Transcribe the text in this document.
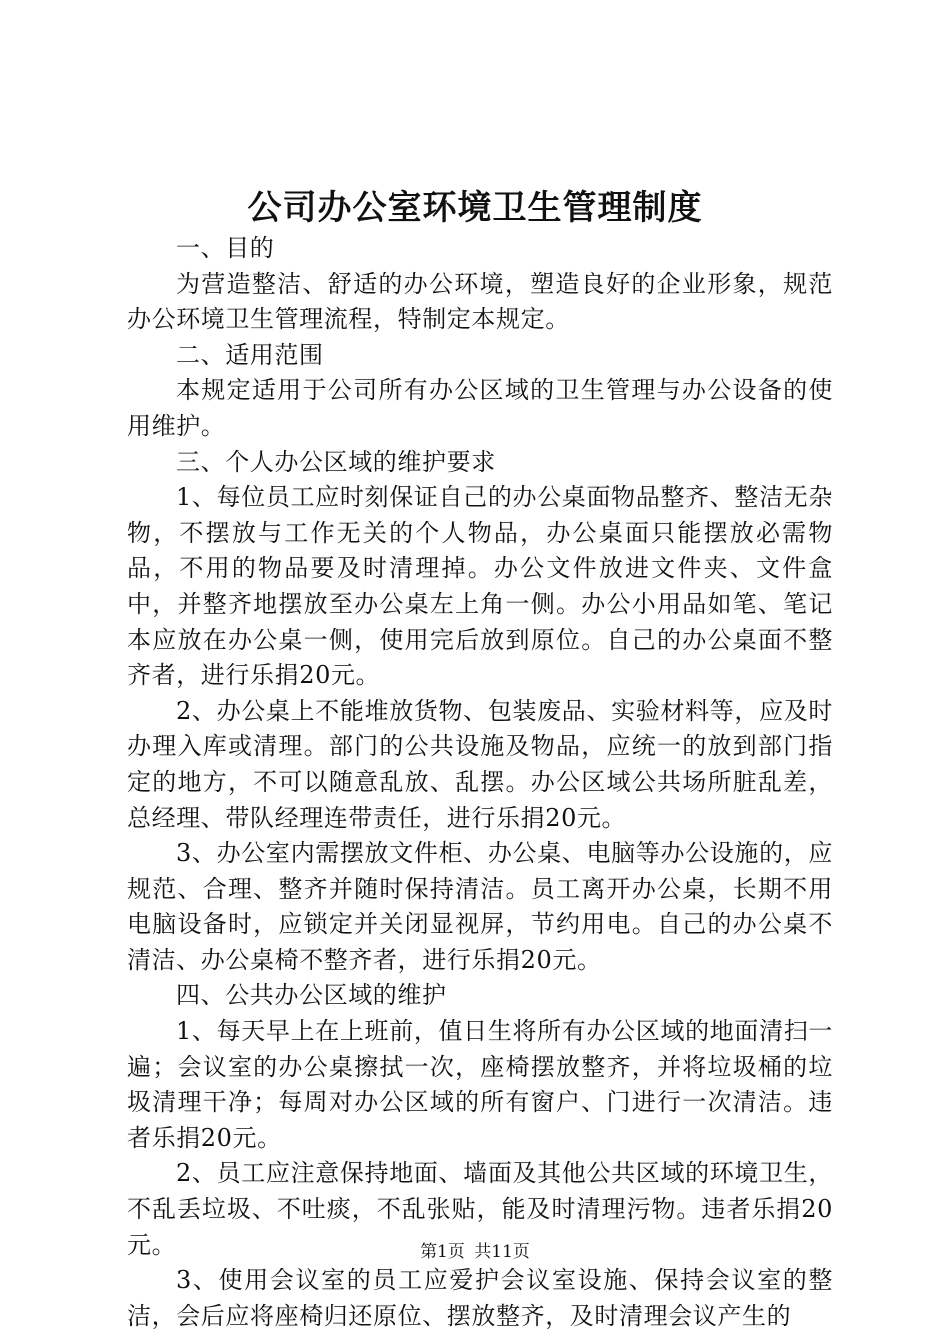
公司办公室环境卫生管理制度

一、目的

为营造整洁、舒适的办公环境，塑造良好的企业形象，规范办公环境卫生管理流程，特制定本规定。

二、适用范围

本规定适用于公司所有办公区域的卫生管理与办公设备的使用维护。

三、个人办公区域的维护要求

1、每位员工应时刻保证自己的办公桌面物品整齐、整洁无杂物，不摆放与工作无关的个人物品，办公桌面只能摆放必需物品，不用的物品要及时清理掉。办公文件放进文件夹、文件盒中，并整齐地摆放至办公桌左上角一侧。办公小用品如笔、笔记本应放在办公桌一侧，使用完后放到原位。自己的办公桌面不整齐者，进行乐捐20元。

2、办公桌上不能堆放货物、包装废品、实验材料等，应及时办理入库或清理。部门的公共设施及物品，应统一的放到部门指定的地方，不可以随意乱放、乱摆。办公区域公共场所脏乱差，总经理、带队经理连带责任，进行乐捐20元。

3、办公室内需摆放文件柜、办公桌、电脑等办公设施的，应规范、合理、整齐并随时保持清洁。员工离开办公桌，长期不用电脑设备时，应锁定并关闭显视屏，节约用电。自己的办公桌不清洁、办公桌椅不整齐者，进行乐捐20元。

四、公共办公区域的维护

1、每天早上在上班前，值日生将所有办公区域的地面清扫一遍；会议室的办公桌擦拭一次，座椅摆放整齐，并将垃圾桶的垃圾清理干净；每周对办公区域的所有窗户、门进行一次清洁。违者乐捐20元。

2、员工应注意保持地面、墙面及其他公共区域的环境卫生，不乱丢垃圾、不吐痰，不乱张贴，能及时清理污物。违者乐捐20元。

3、使用会议室的员工应爱护会议室设施、保持会议室的整洁，会后应将座椅归还原位、摆放整齐，及时清理会议产生的

第1页 共11页
